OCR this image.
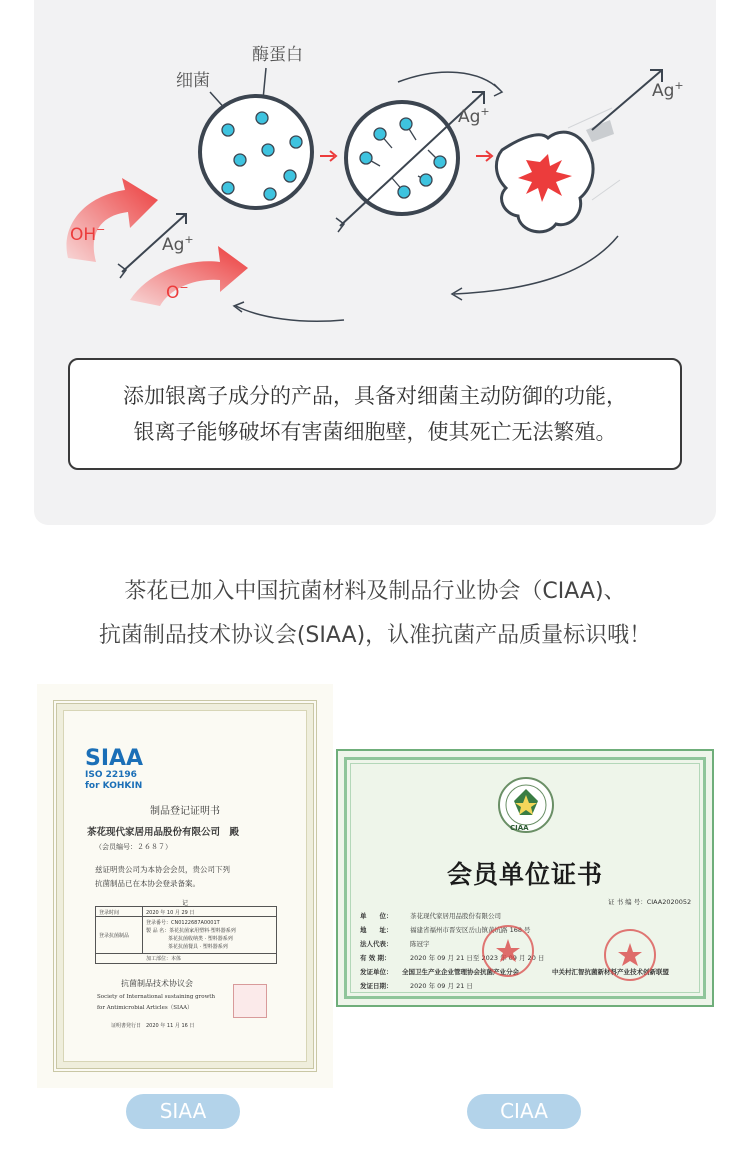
OH−
O−
Ag+
细菌
酶蛋白
Ag+
Ag+

添加银离子成分的产品，具备对细菌主动防御的功能，

银离子能够破坏有害菌细胞壁，使其死亡无法繁殖。

茶花已加入中国抗菌材料及制品行业协会（CIAA)、
抗菌制品技术协议会(SIAA)，认准抗菌产品质量标识哦！
SIAA
ISO 22196
for KOHKIN
制品登记证明书
茶花现代家居用品股份有限公司　殿
（会员编号：２６８７）
兹证明贵公司为本协会会员，贵公司下列
抗菌制品已在本协会登录备案。
记
登录时间	2020 年 10 月 29 日
登录抗菌制品
登录番号：CN0122687A0001T
製 品 名：茶花抗菌家用塑料·塑料器系列
茶花抗菌收纳类 · 塑料器系列
茶花抗菌餐具 · 塑料器系列
加工部位：本体
抗菌制品技术协议会
Society of International sustaining growth
for Antimicrobial Articles（SIAA）
证明書発行日　2020 年 11 月 16 日
CIAA
会员单位证书
证 书 编 号：CIAA2020052
单　　位：	茶花现代家居用品股份有限公司
地　　址：	福建省福州市晋安区岳山镇黄坑路 168 号
法人代表：	陈冠宇
有 效 期：	2020 年 09 月 21 日至 2023 年 09 月 20 日
发证单位： 全国卫生产业企业管理协会抗菌产业分会	中关村汇智抗菌新材料产业技术创新联盟
发证日期：	2020 年 09 月 21 日
SIAA	CIAA
